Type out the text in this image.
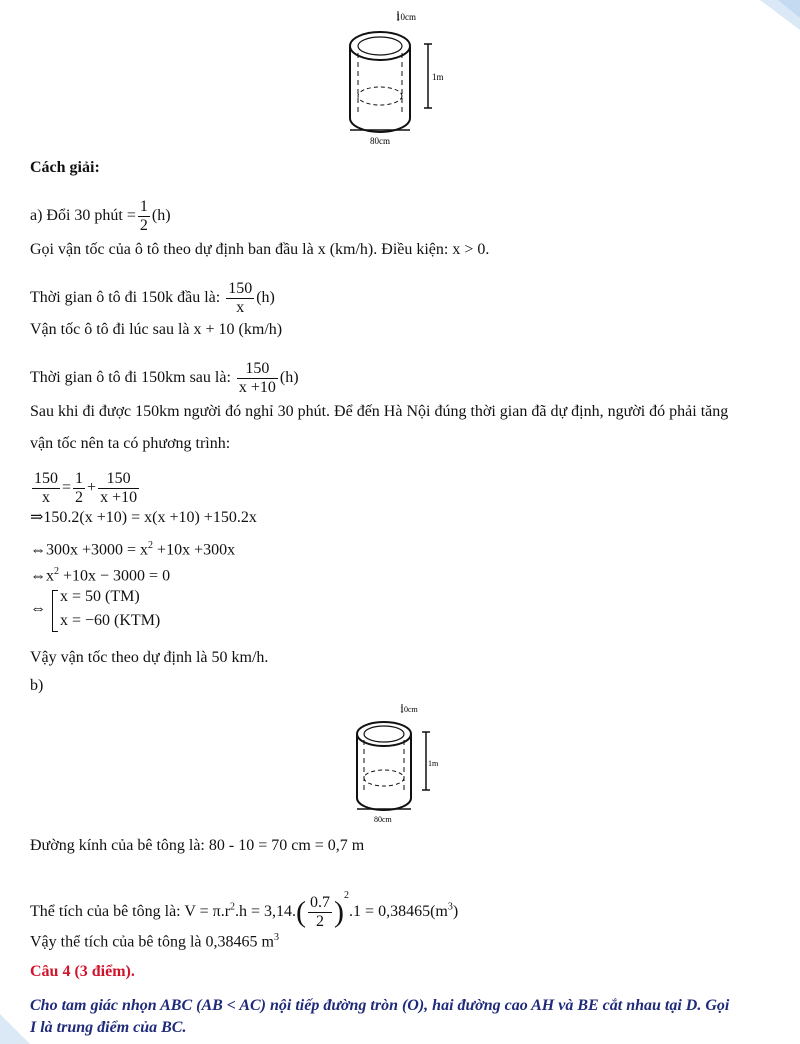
10cm
1m
80cm
Cách giải:
a) Đổi 30 phút = $\frac{1}{2} (h)$
Gọi vận tốc của ô tô theo dự định ban đầu là x (km/h). Điều kiện: x > 0.
Thời gian ô tô đi 150k đầu là: $\frac{150}{x} (h)$
Vận tốc ô tô đi lúc sau là x + 10 (km/h)
Thời gian ô tô đi 150km sau là: $\frac{150}{x +10} (h)$
Sau khi đi được 150km người đó nghỉ 30 phút. Để đến Hà Nội đúng thời gian đã dự định, người đó phải tăng
vận tốc nên ta có phương trình:
$\frac{150}{x} = \frac{1}{2} + \frac{150}{x +10}$
⇒150.2(x +10) = x(x +10) +150.2x
⇔300x $+3000 = x^2 +10x +300x$
$\Leftrightarrow x^2 +10x - 3000 = 0$
⇔
x = 50 (TM)
x = −60 (KTM)
Vậy vận tốc theo dự định là 50 km/h.
b)
10cm
1m
80cm
Đường kính của bê tông là: 80 - 10 = 70 cm = 0,7 m
Thể tích của bê tông là: $V = \pi.r^2.h = 3,14.( \frac{0.7}{2} )^2.1 = 0,38465(m^3)$
Vậy thể tích của bê tông là 0,38465 $m^3$
Câu 4 (3 điểm).
Cho tam giác nhọn ABC (AB < AC) nội tiếp đường tròn (O), hai đường cao AH và BE cắt nhau tại D. Gọi
I là trung điểm của BC.
